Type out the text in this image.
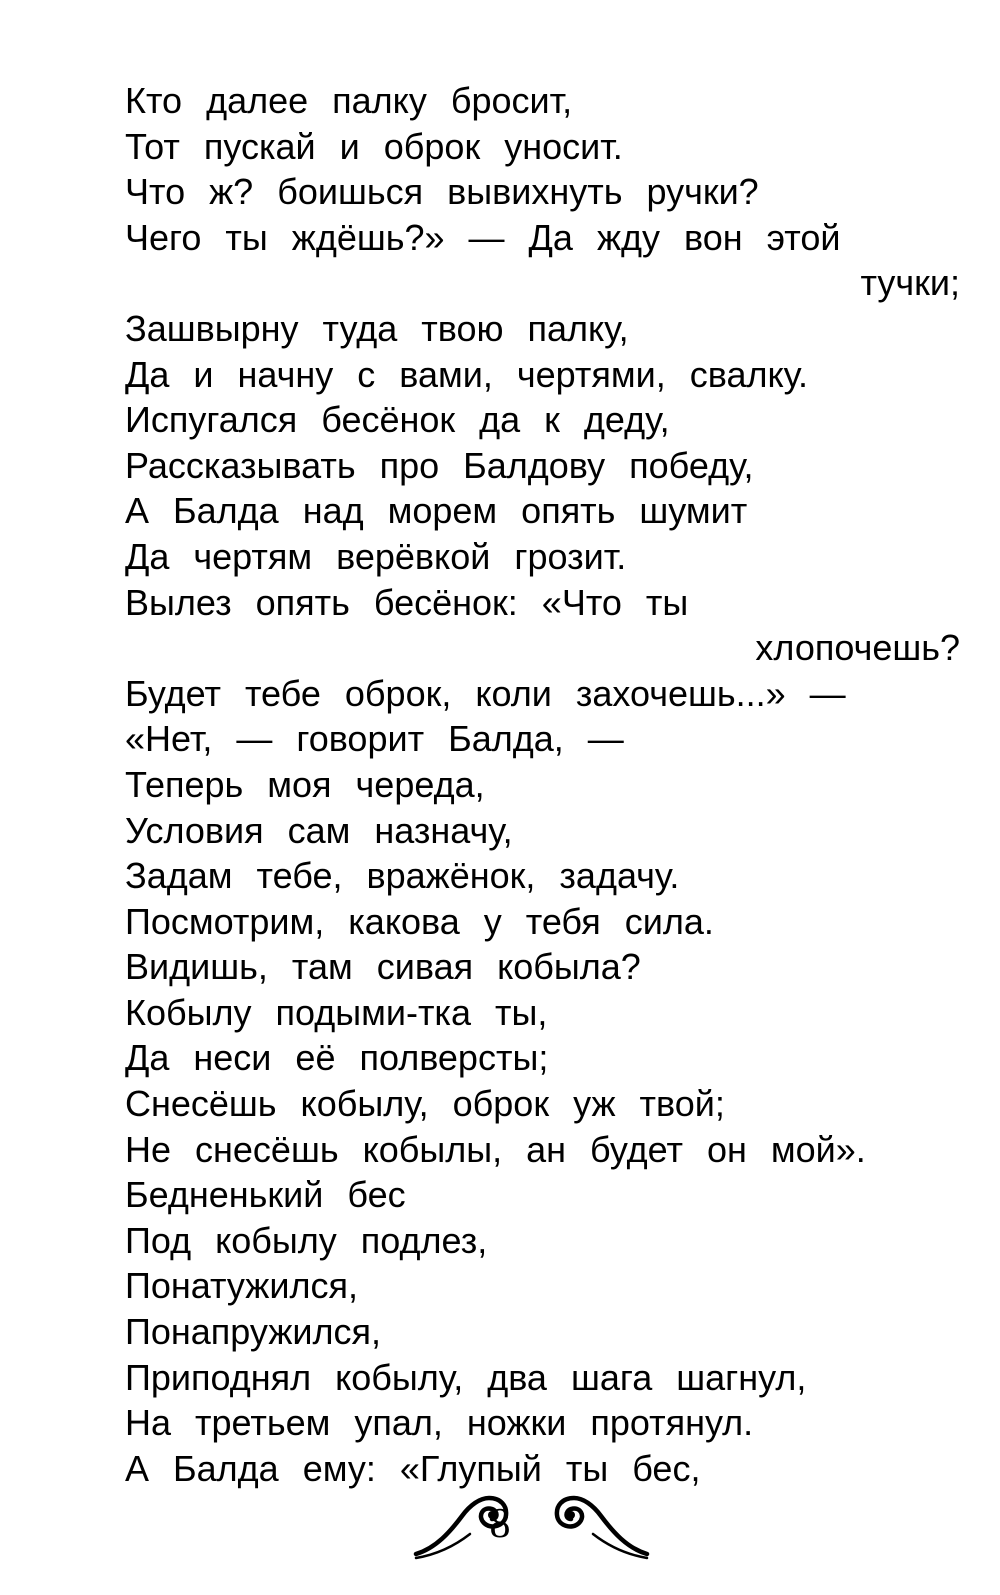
Кто далее палку бросит,
Тот пускай и оброк уносит.
Что ж? боишься вывихнуть ручки?
Чего ты ждёшь?» — Да жду вон этой
тучки;
Зашвырну туда твою палку,
Да и начну с вами, чертями, свалку.
Испугался бесёнок да к деду,
Рассказывать про Балдову победу,
А Балда над морем опять шумит
Да чертям верёвкой грозит.
Вылез опять бесёнок: «Что ты
хлопочешь?
Будет тебе оброк, коли захочешь...» —
«Нет, — говорит Балда, —
Теперь моя череда,
Условия сам назначу,
Задам тебе, вражёнок, задачу.
Посмотрим, какова у тебя сила.
Видишь, там сивая кобыла?
Кобылу подыми-тка ты,
Да неси её полверсты;
Снесёшь кобылу, оброк уж твой;
Не снесёшь кобылы, ан будет он мой».
Бедненький бес
Под кобылу подлез,
Понатужился,
Понапружился,
Приподнял кобылу, два шага шагнул,
На третьем упал, ножки протянул.
А Балда ему: «Глупый ты бес,
8
